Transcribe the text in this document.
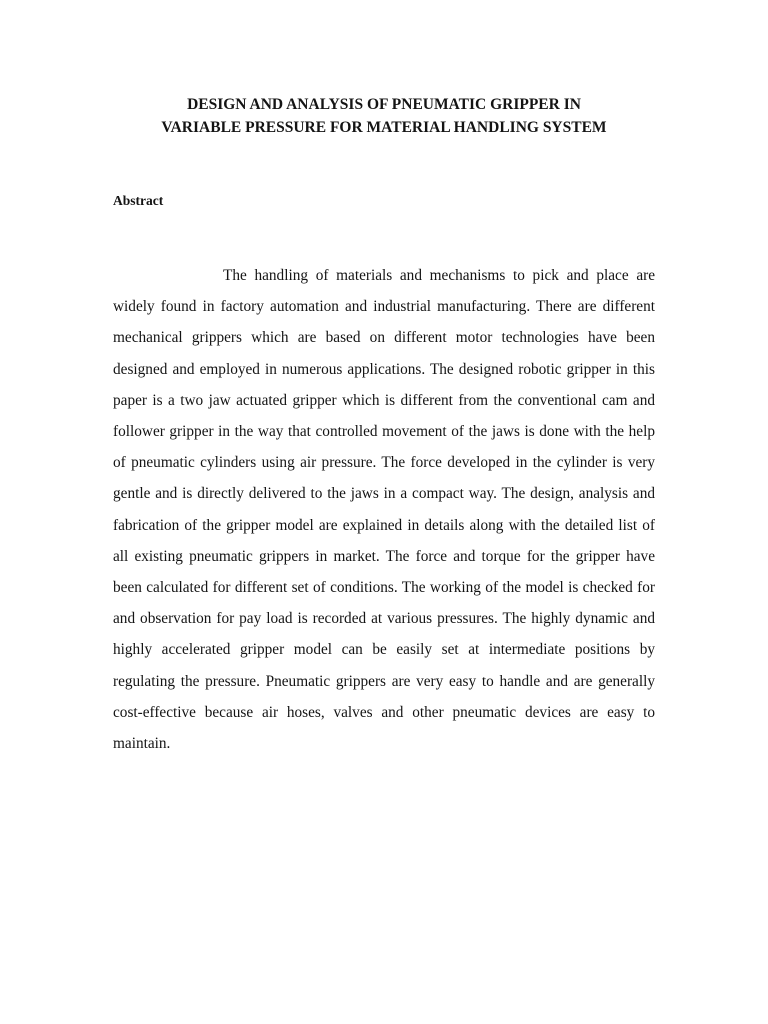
DESIGN AND ANALYSIS OF PNEUMATIC GRIPPER IN
VARIABLE PRESSURE FOR MATERIAL HANDLING SYSTEM
Abstract

The handling of materials and mechanisms to pick and place are widely found in factory automation and industrial manufacturing. There are different mechanical grippers which are based on different motor technologies have been designed and employed in numerous applications. The designed robotic gripper in this paper is a two jaw actuated gripper which is different from the conventional cam and follower gripper in the way that controlled movement of the jaws is done with the help of pneumatic cylinders using air pressure. The force developed in the cylinder is very gentle and is directly delivered to the jaws in a compact way. The design, analysis and fabrication of the gripper model are explained in details along with the detailed list of all existing pneumatic grippers in market. The force and torque for the gripper have been calculated for different set of conditions. The working of the model is checked for and observation for pay load is recorded at various pressures. The highly dynamic and highly accelerated gripper model can be easily set at intermediate positions by regulating the pressure. Pneumatic grippers are very easy to handle and are generally cost-effective because air hoses, valves and other pneumatic devices are easy to maintain.
